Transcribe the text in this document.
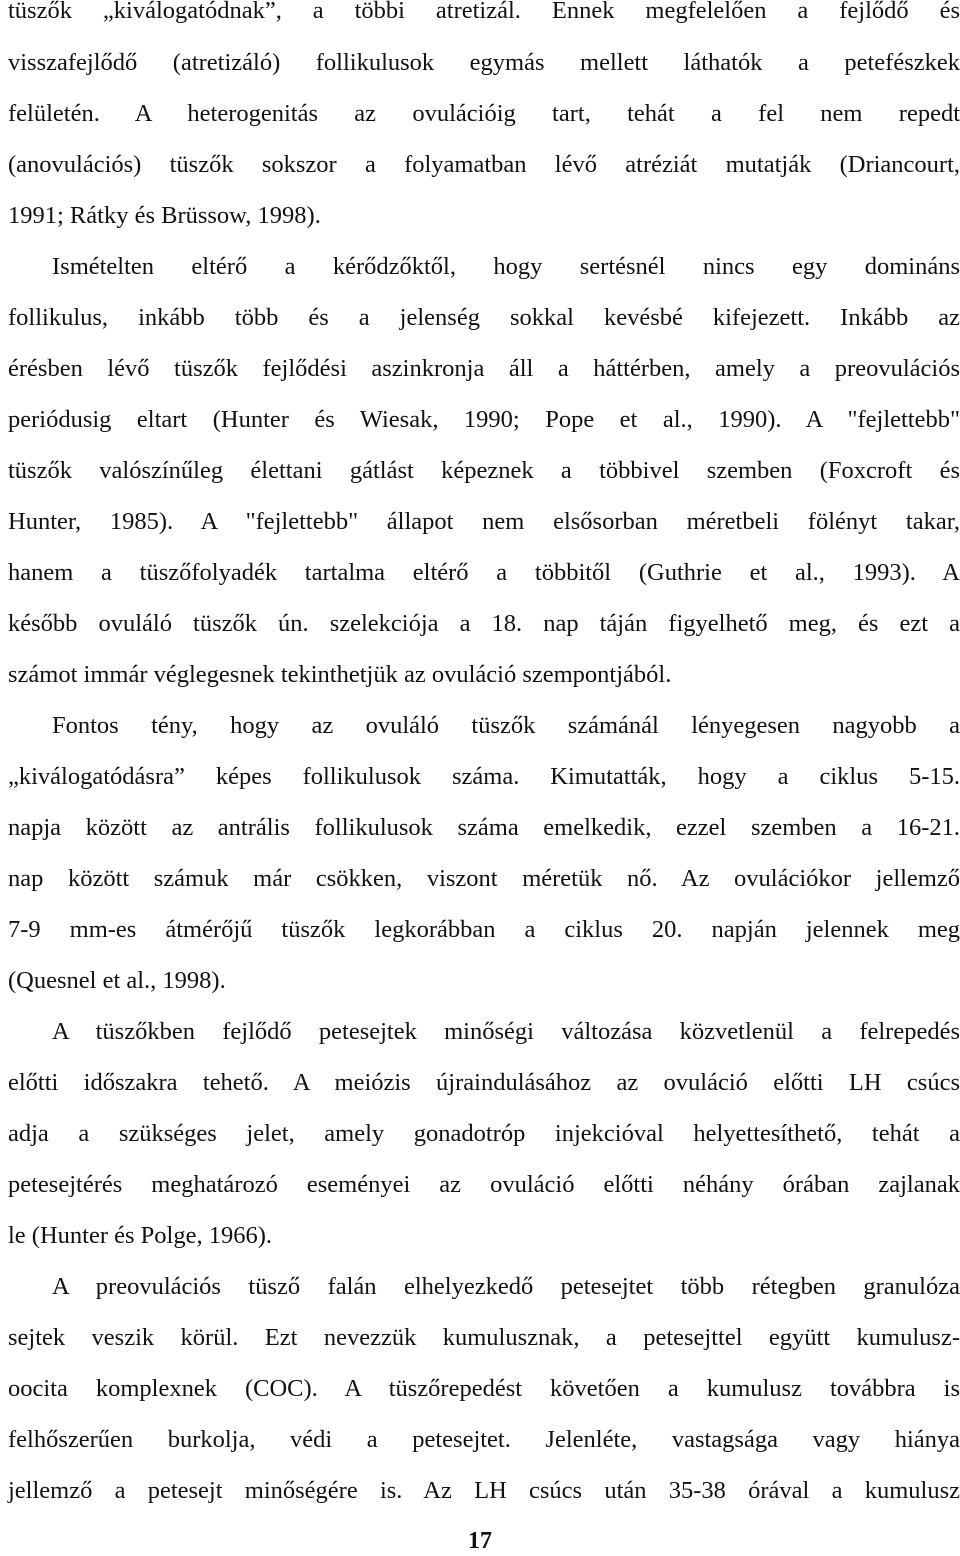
tüszők „kiválogatódnak”, a többi atretizál. Ennek megfelelően a fejlődő és
visszafejlődő (atretizáló) follikulusok egymás mellett láthatók a petefészkek
felületén. A heterogenitás az ovulációig tart, tehát a fel nem repedt
(anovulációs) tüszők sokszor a folyamatban lévő atréziát mutatják (Driancourt,
1991; Rátky és Brüssow, 1998).
Ismételten eltérő a kérődzőktől, hogy sertésnél nincs egy domináns
follikulus, inkább több és a jelenség sokkal kevésbé kifejezett. Inkább az
érésben lévő tüszők fejlődési aszinkronja áll a háttérben, amely a preovulációs
periódusig eltart (Hunter és Wiesak, 1990; Pope et al., 1990). A "fejlettebb"
tüszők valószínűleg élettani gátlást képeznek a többivel szemben (Foxcroft és
Hunter, 1985). A "fejlettebb" állapot nem elsősorban méretbeli fölényt takar,
hanem a tüszőfolyadék tartalma eltérő a többitől (Guthrie et al., 1993). A
később ovuláló tüszők ún. szelekciója a 18. nap táján figyelhető meg, és ezt a
számot immár véglegesnek tekinthetjük az ovuláció szempontjából.
Fontos tény, hogy az ovuláló tüszők számánál lényegesen nagyobb a
„kiválogatódásra” képes follikulusok száma. Kimutatták, hogy a ciklus 5-15.
napja között az antrális follikulusok száma emelkedik, ezzel szemben a 16-21.
nap között számuk már csökken, viszont méretük nő. Az ovulációkor jellemző
7-9 mm-es átmérőjű tüszők legkorábban a ciklus 20. napján jelennek meg
(Quesnel et al., 1998).
A tüszőkben fejlődő petesejtek minőségi változása közvetlenül a felrepedés
előtti időszakra tehető. A meiózis újraindulásához az ovuláció előtti LH csúcs
adja a szükséges jelet, amely gonadotróp injekcióval helyettesíthető, tehát a
petesejtérés meghatározó eseményei az ovuláció előtti néhány órában zajlanak
le (Hunter és Polge, 1966).
A preovulációs tüsző falán elhelyezkedő petesejtet több rétegben granulóza
sejtek veszik körül. Ezt nevezzük kumulusznak, a petesejttel együtt kumulusz-
oocita komplexnek (COC). A tüszőrepedést követően a kumulusz továbbra is
felhőszerűen burkolja, védi a petesejtet. Jelenléte, vastagsága vagy hiánya
jellemző a petesejt minőségére is. Az LH csúcs után 35-38 órával a kumulusz
17
